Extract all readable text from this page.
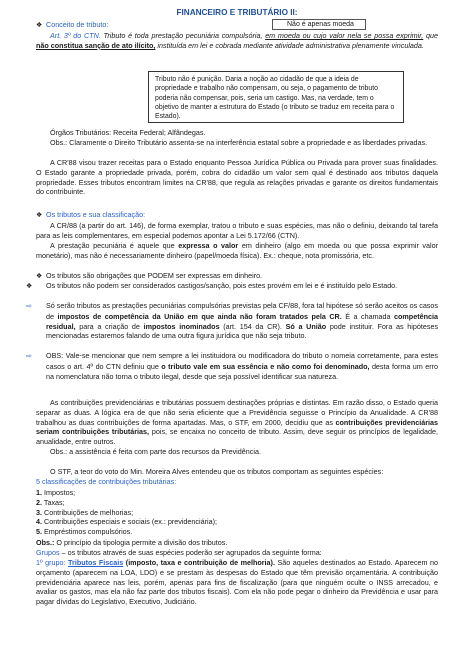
FINANCEIRO E TRIBUTÁRIO II:
❖ Conceito de tributo:	Não é apenas moeda
Art. 3º do CTN. Tributo é toda prestação pecuniária compulsória, em moeda ou cujo valor nela se possa exprimir, que não constitua sanção de ato ilícito, instituída em lei e cobrada mediante atividade administrativa plenamente vinculada.
Tributo não é punição. Daria a noção ao cidadão de que a ideia de propriedade e trabalho não compensam, ou seja, o pagamento de tributo poderia não compensar, pois, seria um castigo. Mas, na verdade, tem o objetivo de manter a estrutura do Estado (o tributo se traduz em receita para o Estado).
Órgãos Tributários: Receita Federal; Alfândegas.
Obs.: Claramente o Direito Tributário assenta-se na interferência estatal sobre a propriedade e as liberdades privadas.
A CR'88 visou trazer receitas para o Estado enquanto Pessoa Jurídica Pública ou Privada para prover suas finalidades. O Estado garante a propriedade privada, porém, cobra do cidadão um valor sem qual é destinado aos tributos daquela propriedade. Esses tributos encontram limites na CR'88, que regula as relações privadas e garante os direitos fundamentais do contribuinte.
❖ Os tributos e sua classificação:
A CR/88 (a partir do art. 146), de forma exemplar, tratou o tributo e suas espécies, mas não o definiu, deixando tal tarefa para as leis complementares, em especial podemos apontar a Lei 5.172/66 (CTN).
A prestação pecuniária é aquele que expressa o valor em dinheiro (algo em moeda ou que possa exprimir valor monetário), mas não é necessariamente dinheiro (papel/moeda física). Ex.: cheque, nota promissória, etc.
❖ Os tributos são obrigações que PODEM ser expressas em dinheiro.
❖ Os tributos não podem ser considerados castigos/sanção, pois estes provém em lei e é instituído pelo Estado.
⇨ Só serão tributos as prestações pecuniárias compulsórias previstas pela CF/88, fora tal hipótese só serão aceitos os casos de impostos de competência da União em que ainda não foram tratados pela CR. É a chamada competência residual, para a criação de impostos inominados (art. 154 da CR). Só a União pode instituir. Fora as hipóteses mencionadas estaremos falando de uma outra figura jurídica que não seja tributo.
⇨ OBS: Vale-se mencionar que nem sempre a lei instituidora ou modificadora do tributo o nomeia corretamente, para estes casos o art. 4º do CTN definiu que o tributo vale em sua essência e não como foi denominado, desta forma um erro na nomenclatura não torna o tributo ilegal, desde que seja possível identificar sua natureza.
As contribuições previdenciárias e tributárias possuem destinações próprias e distintas. Em razão disso, o Estado queria separar as duas. A lógica era de que não seria eficiente que a Previdência seguisse o Princípio da Anualidade. A CR'88 trabalhou as duas contribuições de forma apartadas. Mas, o STF, em 2000, decidiu que as contribuições previdenciárias seriam contribuições tributárias, pois, se encaixa no conceito de tributo. Assim, deve seguir os princípios de legalidade, anualidade, entre outros.
Obs.: a assistência é feita com parte dos recursos da Previdência.
O STF, a teor do voto do Min. Moreira Alves entendeu que os tributos comportam as seguintes espécies:
5 classificações de contribuições tributárias:
1. Impostos;
2. Taxas;
3. Contribuições de melhorias;
4. Contribuições especiais e sociais (ex.: previdenciária);
5. Empréstimos compulsórios.
Obs.: O princípio da tipologia permite a divisão dos tributos.
Grupos – os tributos através de suas espécies poderão ser agrupados da seguinte forma:
1º grupo: Tributos Fiscais (imposto, taxa e contribuição de melhoria). São aqueles destinados ao Estado. Aparecem no orçamento (aparecem na LOA, LDO) e se prestam às despesas do Estado que têm previsão orçamentária. A contribuição previdenciária aparece nas leis, porém, apenas para fins de fiscalização (para que ninguém oculte o INSS arrecadou, e avaliar os gastos, mas ela não faz parte dos tributos fiscais). Com ela não pode pegar o dinheiro da Previdência e usar para pagar dívidas do Legislativo, Executivo, Judiciário.
